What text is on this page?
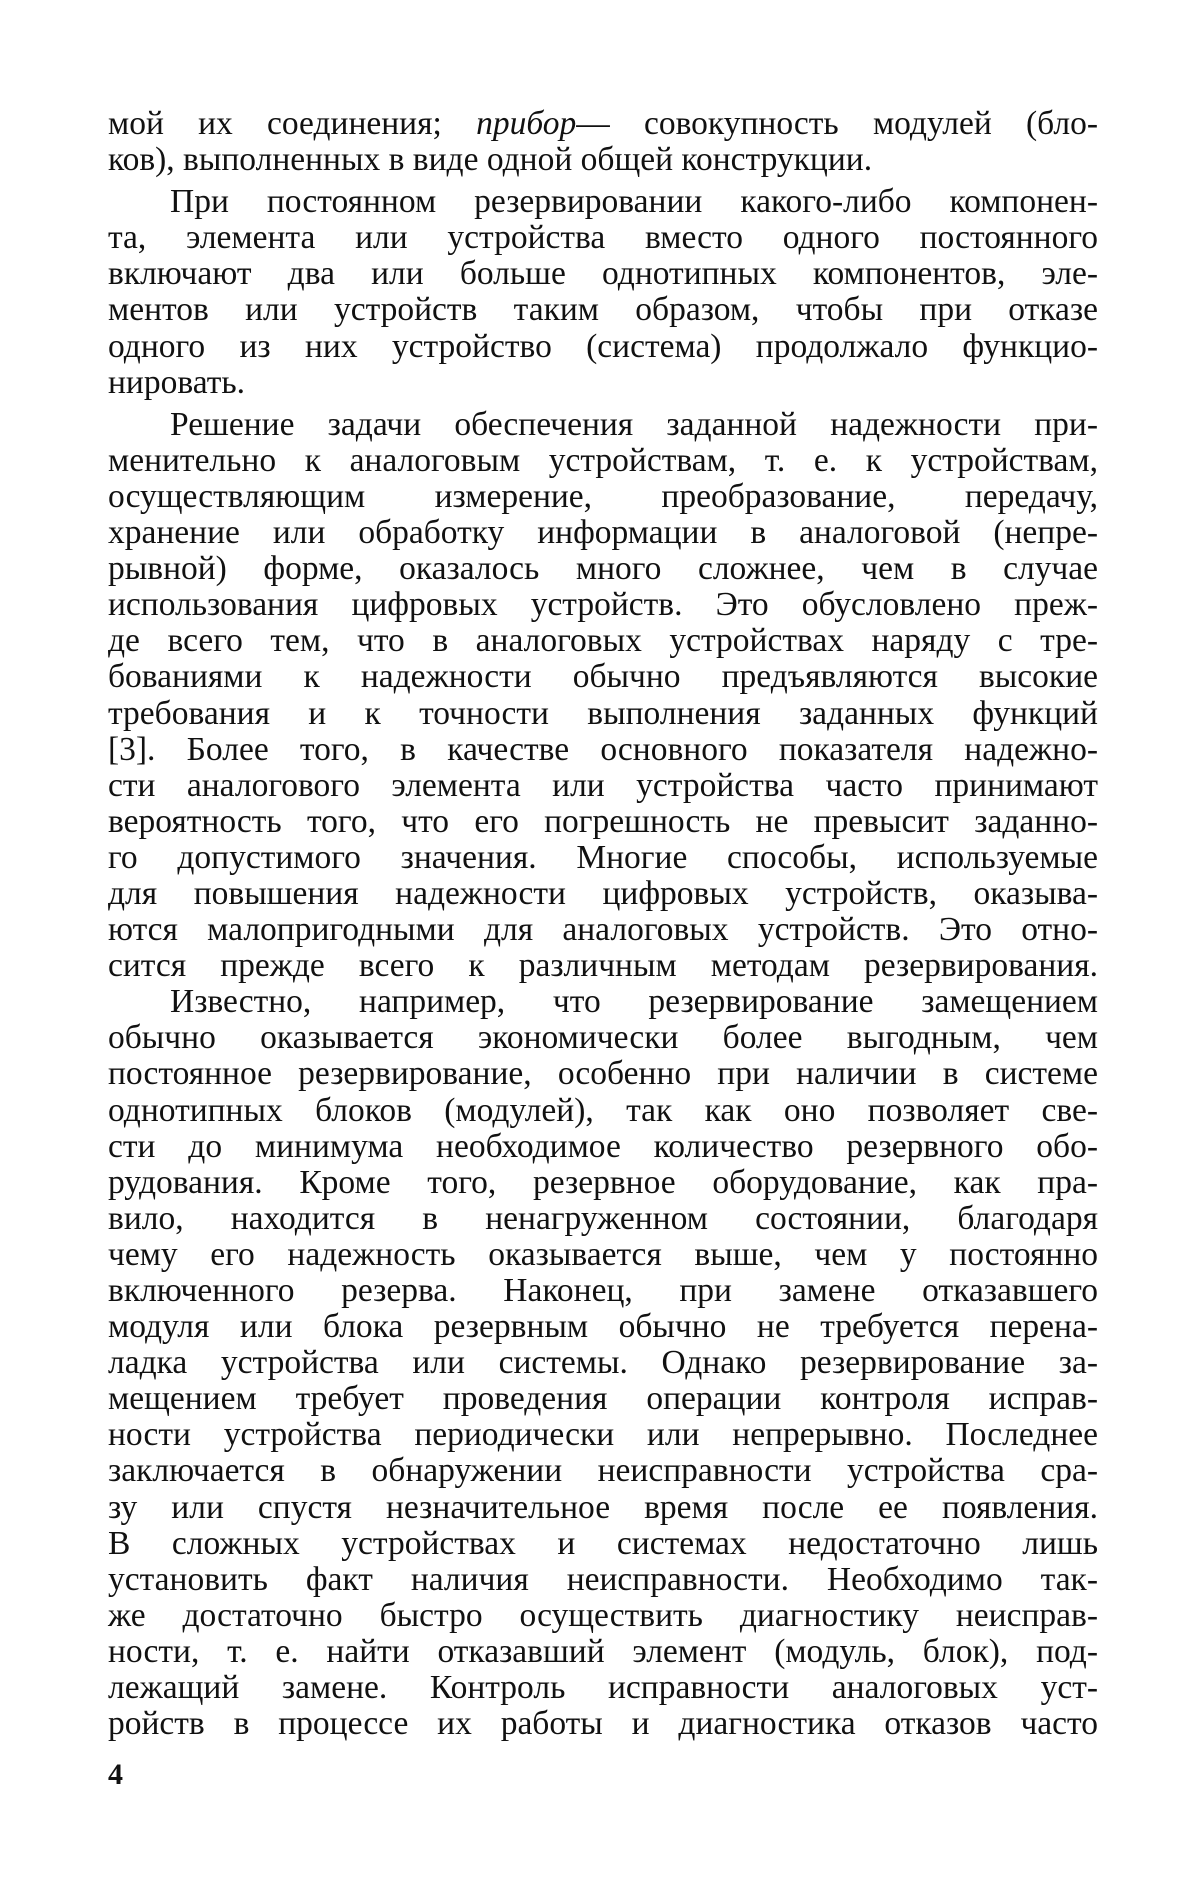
мой их соединения; прибор— совокупность модулей (бло-
ков), выполненных в виде одной общей конструкции.
При постоянном резервировании какого-либо компонен-
та, элемента или устройства вместо одного постоянного
включают два или больше однотипных компонентов, эле-
ментов или устройств таким образом, чтобы при отказе
одного из них устройство (система) продолжало функцио-
нировать.
Решение задачи обеспечения заданной надежности при-
менительно к аналоговым устройствам, т. е. к устройствам,
осуществляющим измерение, преобразование, передачу,
хранение или обработку информации в аналоговой (непре-
рывной) форме, оказалось много сложнее, чем в случае
использования цифровых устройств. Это обусловлено преж-
де всего тем, что в аналоговых устройствах наряду с тре-
бованиями к надежности обычно предъявляются высокие
требования и к точности выполнения заданных функций
[3]. Более того, в качестве основного показателя надежно-
сти аналогового элемента или устройства часто принимают
вероятность того, что его погрешность не превысит заданно-
го допустимого значения. Многие способы, используемые
для повышения надежности цифровых устройств, оказыва-
ются малопригодными для аналоговых устройств. Это отно-
сится прежде всего к различным методам резервирования.
Известно, например, что резервирование замещением
обычно оказывается экономически более выгодным, чем
постоянное резервирование, особенно при наличии в системе
однотипных блоков (модулей), так как оно позволяет све-
сти до минимума необходимое количество резервного обо-
рудования. Кроме того, резервное оборудование, как пра-
вило, находится в ненагруженном состоянии, благодаря
чему его надежность оказывается выше, чем у постоянно
включенного резерва. Наконец, при замене отказавшего
модуля или блока резервным обычно не требуется перена-
ладка устройства или системы. Однако резервирование за-
мещением требует проведения операции контроля исправ-
ности устройства периодически или непрерывно. Последнее
заключается в обнаружении неисправности устройства сра-
зу или спустя незначительное время после ее появления.
В сложных устройствах и системах недостаточно лишь
установить факт наличия неисправности. Необходимо так-
же достаточно быстро осуществить диагностику неисправ-
ности, т. е. найти отказавший элемент (модуль, блок), под-
лежащий замене. Контроль исправности аналоговых уст-
ройств в процессе их работы и диагностика отказов часто
4
